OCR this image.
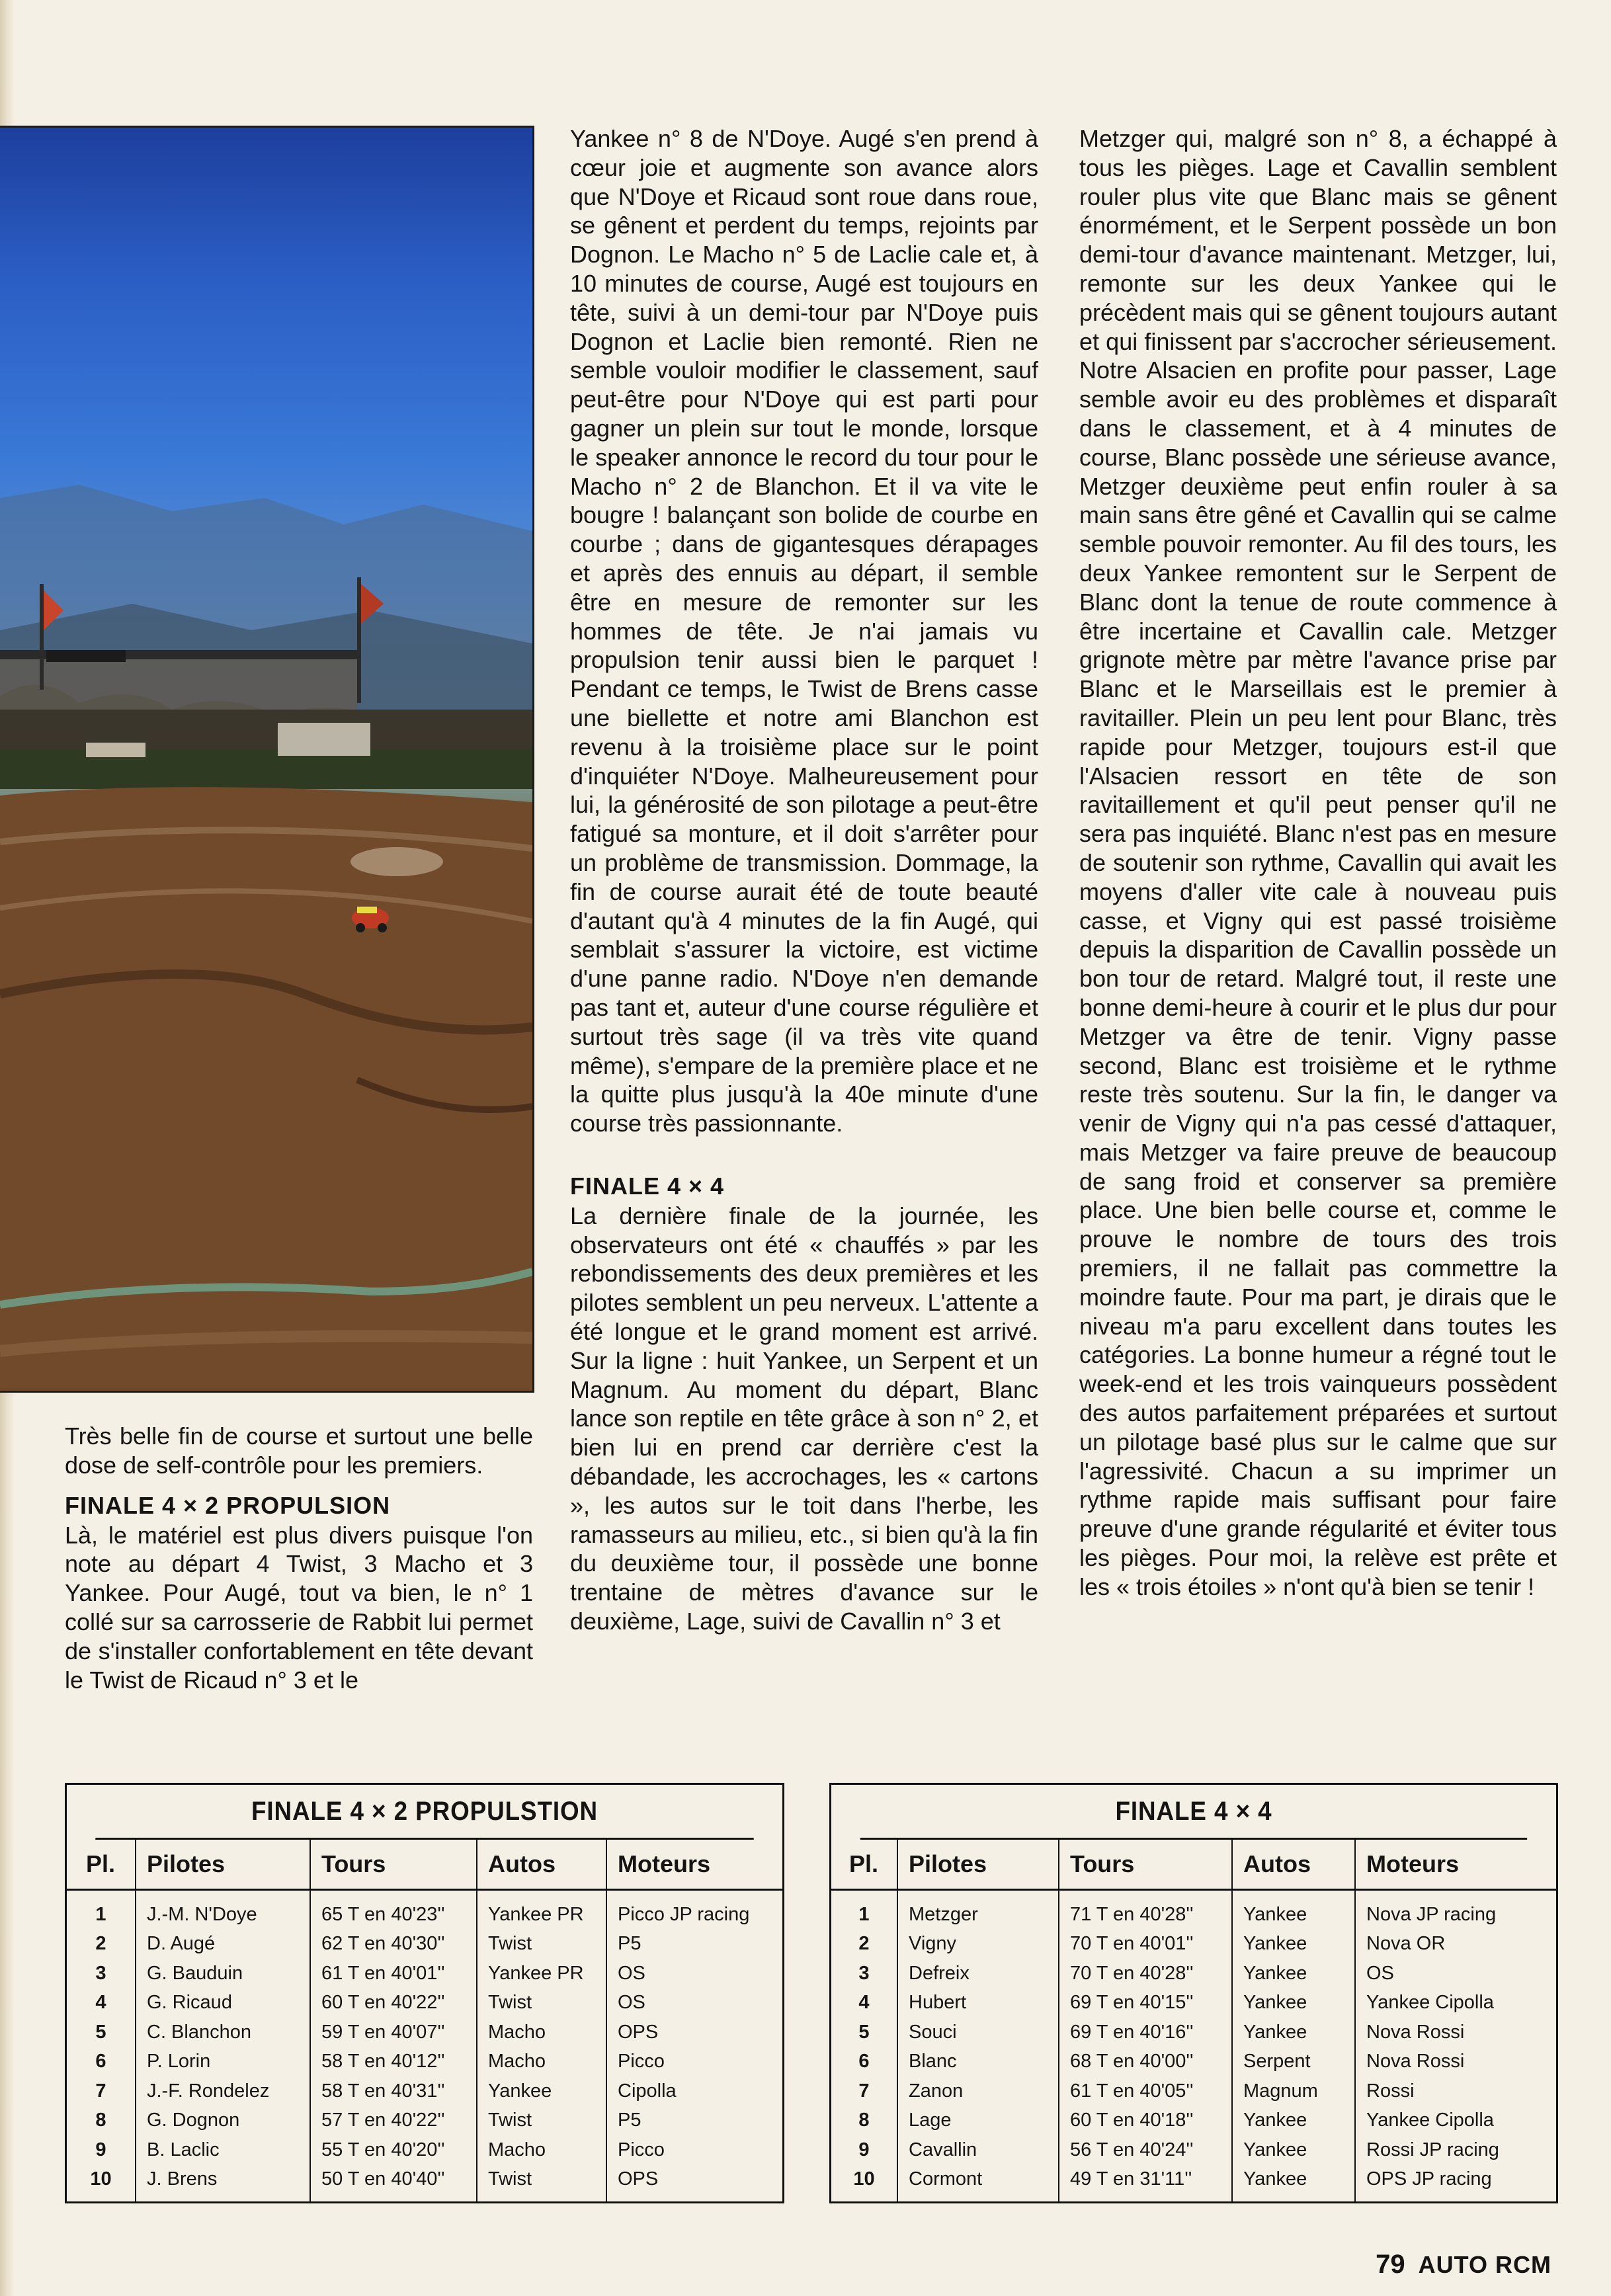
Yankee n° 8 de N'Doye. Augé s'en prend à cœur joie et augmente son avance alors que N'Doye et Ricaud sont roue dans roue, se gênent et perdent du temps, rejoints par Dognon. Le Macho n° 5 de Laclie cale et, à 10 minutes de course, Augé est toujours en tête, suivi à un demi-tour par N'Doye puis Dognon et Laclie bien remonté. Rien ne semble vouloir modifier le classement, sauf peut-être pour N'Doye qui est parti pour gagner un plein sur tout le monde, lorsque le speaker annonce le record du tour pour le Macho n° 2 de Blanchon. Et il va vite le bougre ! balançant son bolide de courbe en courbe ; dans de gigantesques dérapages et après des ennuis au départ, il semble être en mesure de remonter sur les hommes de tête. Je n'ai jamais vu propulsion tenir aussi bien le parquet ! Pendant ce temps, le Twist de Brens casse une biellette et notre ami Blanchon est revenu à la troisième place sur le point d'inquiéter N'Doye. Malheureusement pour lui, la générosité de son pilotage a peut-être fatigué sa monture, et il doit s'arrêter pour un problème de transmission. Dommage, la fin de course aurait été de toute beauté d'autant qu'à 4 minutes de la fin Augé, qui semblait s'assurer la victoire, est victime d'une panne radio. N'Doye n'en demande pas tant et, auteur d'une course régulière et surtout très sage (il va très vite quand même), s'empare de la première place et ne la quitte plus jusqu'à la 40e minute d'une course très passionnante.

FINALE 4 × 4

La dernière finale de la journée, les observateurs ont été « chauffés » par les rebondissements des deux premières et les pilotes semblent un peu nerveux. L'attente a été longue et le grand moment est arrivé. Sur la ligne : huit Yankee, un Serpent et un Magnum. Au moment du départ, Blanc lance son reptile en tête grâce à son n° 2, et bien lui en prend car derrière c'est la débandade, les accrochages, les « cartons », les autos sur le toit dans l'herbe, les ramasseurs au milieu, etc., si bien qu'à la fin du deuxième tour, il possède une bonne trentaine de mètres d'avance sur le deuxième, Lage, suivi de Cavallin n° 3 et

Metzger qui, malgré son n° 8, a échappé à tous les pièges. Lage et Cavallin semblent rouler plus vite que Blanc mais se gênent énormément, et le Serpent possède un bon demi-tour d'avance maintenant. Metzger, lui, remonte sur les deux Yankee qui le précèdent mais qui se gênent toujours autant et qui finissent par s'accrocher sérieusement. Notre Alsacien en profite pour passer, Lage semble avoir eu des problèmes et disparaît dans le classement, et à 4 minutes de course, Blanc possède une sérieuse avance, Metzger deuxième peut enfin rouler à sa main sans être gêné et Cavallin qui se calme semble pouvoir remonter. Au fil des tours, les deux Yankee remontent sur le Serpent de Blanc dont la tenue de route commence à être incertaine et Cavallin cale. Metzger grignote mètre par mètre l'avance prise par Blanc et le Marseillais est le premier à ravitailler. Plein un peu lent pour Blanc, très rapide pour Metzger, toujours est-il que l'Alsacien ressort en tête de son ravitaillement et qu'il peut penser qu'il ne sera pas inquiété. Blanc n'est pas en mesure de soutenir son rythme, Cavallin qui avait les moyens d'aller vite cale à nouveau puis casse, et Vigny qui est passé troisième depuis la disparition de Cavallin possède un bon tour de retard. Malgré tout, il reste une bonne demi-heure à courir et le plus dur pour Metzger va être de tenir. Vigny passe second, Blanc est troisième et le rythme reste très soutenu. Sur la fin, le danger va venir de Vigny qui n'a pas cessé d'attaquer, mais Metzger va faire preuve de beaucoup de sang froid et conserver sa première place. Une bien belle course et, comme le prouve le nombre de tours des trois premiers, il ne fallait pas commettre la moindre faute. Pour ma part, je dirais que le niveau m'a paru excellent dans toutes les catégories. La bonne humeur a régné tout le week-end et les trois vainqueurs possèdent des autos parfaitement préparées et surtout un pilotage basé plus sur le calme que sur l'agressivité. Chacun a su imprimer un rythme rapide mais suffisant pour faire preuve d'une grande régularité et éviter tous les pièges. Pour moi, la relève est prête et les « trois étoiles » n'ont qu'à bien se tenir !

Très belle fin de course et surtout une belle dose de self-contrôle pour les premiers.

FINALE 4 × 2 PROPULSION

Là, le matériel est plus divers puisque l'on note au départ 4 Twist, 3 Macho et 3 Yankee. Pour Augé, tout va bien, le n° 1 collé sur sa carrosserie de Rabbit lui permet de s'installer confortablement en tête devant le Twist de Ricaud n° 3 et le

FINALE 4 × 2 PROPULSTION
Pl.	Pilotes	Tours	Autos	Moteurs
1	J.-M. N'Doye	65 T en 40'23''	Yankee PR	Picco JP racing
2	D. Augé	62 T en 40'30''	Twist	P5
3	G. Bauduin	61 T en 40'01''	Yankee PR	OS
4	G. Ricaud	60 T en 40'22''	Twist	OS
5	C. Blanchon	59 T en 40'07''	Macho	OPS
6	P. Lorin	58 T en 40'12''	Macho	Picco
7	J.-F. Rondelez	58 T en 40'31''	Yankee	Cipolla
8	G. Dognon	57 T en 40'22''	Twist	P5
9	B. Laclic	55 T en 40'20''	Macho	Picco
10	J. Brens	50 T en 40'40''	Twist	OPS
FINALE 4 × 4
Pl.	Pilotes	Tours	Autos	Moteurs
1	Metzger	71 T en 40'28''	Yankee	Nova JP racing
2	Vigny	70 T en 40'01''	Yankee	Nova OR
3	Defreix	70 T en 40'28''	Yankee	OS
4	Hubert	69 T en 40'15''	Yankee	Yankee Cipolla
5	Souci	69 T en 40'16''	Yankee	Nova Rossi
6	Blanc	68 T en 40'00''	Serpent	Nova Rossi
7	Zanon	61 T en 40'05''	Magnum	Rossi
8	Lage	60 T en 40'18''	Yankee	Yankee Cipolla
9	Cavallin	56 T en 40'24''	Yankee	Rossi JP racing
10	Cormont	49 T en 31'11''	Yankee	OPS JP racing
79 AUTO RCM
